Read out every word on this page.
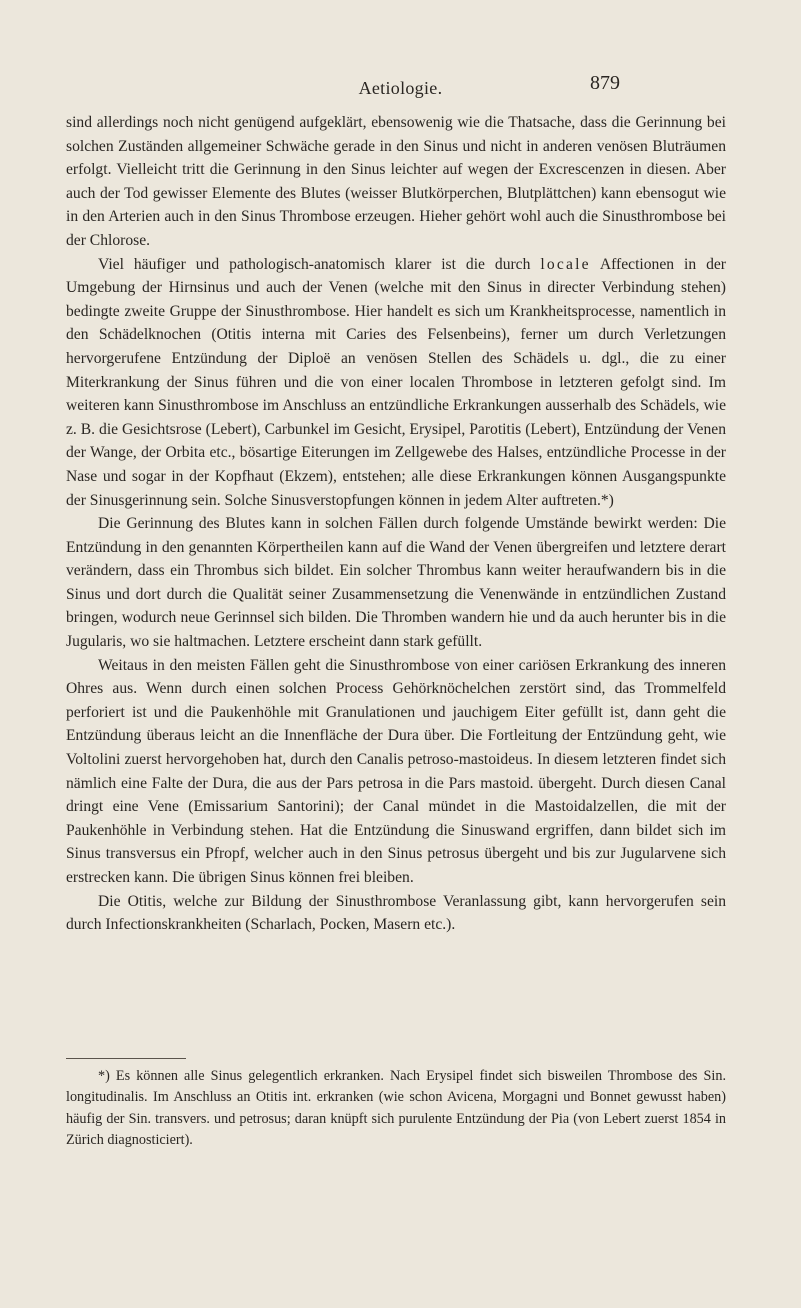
Aetiologie.	879

sind allerdings noch nicht genügend aufgeklärt, ebensowenig wie die Thatsache, dass die Gerinnung bei solchen Zuständen allgemeiner Schwäche gerade in den Sinus und nicht in anderen venösen Bluträumen erfolgt. Vielleicht tritt die Gerinnung in den Sinus leichter auf wegen der Excrescenzen in diesen. Aber auch der Tod gewisser Elemente des Blutes (weisser Blutkörperchen, Blutplättchen) kann ebensogut wie in den Arterien auch in den Sinus Thrombose erzeugen. Hieher gehört wohl auch die Sinusthrombose bei der Chlorose.

Viel häufiger und pathologisch-anatomisch klarer ist die durch locale Affectionen in der Umgebung der Hirnsinus und auch der Venen (welche mit den Sinus in directer Verbindung stehen) bedingte zweite Gruppe der Sinusthrombose. Hier handelt es sich um Krankheitsprocesse, namentlich in den Schädelknochen (Otitis interna mit Caries des Felsenbeins), ferner um durch Verletzungen hervorgerufene Entzündung der Diploë an venösen Stellen des Schädels u. dgl., die zu einer Miterkrankung der Sinus führen und die von einer localen Thrombose in letzteren gefolgt sind. Im weiteren kann Sinusthrombose im Anschluss an entzündliche Erkrankungen ausserhalb des Schädels, wie z. B. die Gesichtsrose (Lebert), Carbunkel im Gesicht, Erysipel, Parotitis (Lebert), Entzündung der Venen der Wange, der Orbita etc., bösartige Eiterungen im Zellgewebe des Halses, entzündliche Processe in der Nase und sogar in der Kopfhaut (Ekzem), entstehen; alle diese Erkrankungen können Ausgangspunkte der Sinusgerinnung sein. Solche Sinusverstopfungen können in jedem Alter auftreten.*)

Die Gerinnung des Blutes kann in solchen Fällen durch folgende Umstände bewirkt werden: Die Entzündung in den genannten Körpertheilen kann auf die Wand der Venen übergreifen und letztere derart verändern, dass ein Thrombus sich bildet. Ein solcher Thrombus kann weiter heraufwandern bis in die Sinus und dort durch die Qualität seiner Zusammensetzung die Venenwände in entzündlichen Zustand bringen, wodurch neue Gerinnsel sich bilden. Die Thromben wandern hie und da auch herunter bis in die Jugularis, wo sie haltmachen. Letztere erscheint dann stark gefüllt.

Weitaus in den meisten Fällen geht die Sinusthrombose von einer cariösen Erkrankung des inneren Ohres aus. Wenn durch einen solchen Process Gehörknöchelchen zerstört sind, das Trommelfeld perforiert ist und die Paukenhöhle mit Granulationen und jauchigem Eiter gefüllt ist, dann geht die Entzündung überaus leicht an die Innenfläche der Dura über. Die Fortleitung der Entzündung geht, wie Voltolini zuerst hervorgehoben hat, durch den Canalis petroso-mastoideus. In diesem letzteren findet sich nämlich eine Falte der Dura, die aus der Pars petrosa in die Pars mastoid. übergeht. Durch diesen Canal dringt eine Vene (Emissarium Santorini); der Canal mündet in die Mastoidalzellen, die mit der Paukenhöhle in Verbindung stehen. Hat die Entzündung die Sinuswand ergriffen, dann bildet sich im Sinus transversus ein Pfropf, welcher auch in den Sinus petrosus übergeht und bis zur Jugularvene sich erstrecken kann. Die übrigen Sinus können frei bleiben.

Die Otitis, welche zur Bildung der Sinusthrombose Veranlassung gibt, kann hervorgerufen sein durch Infectionskrankheiten (Scharlach, Pocken, Masern etc.).

*) Es können alle Sinus gelegentlich erkranken. Nach Erysipel findet sich bisweilen Thrombose des Sin. longitudinalis. Im Anschluss an Otitis int. erkranken (wie schon Avicena, Morgagni und Bonnet gewusst haben) häufig der Sin. transvers. und petrosus; daran knüpft sich purulente Entzündung der Pia (von Lebert zuerst 1854 in Zürich diagnosticiert).
